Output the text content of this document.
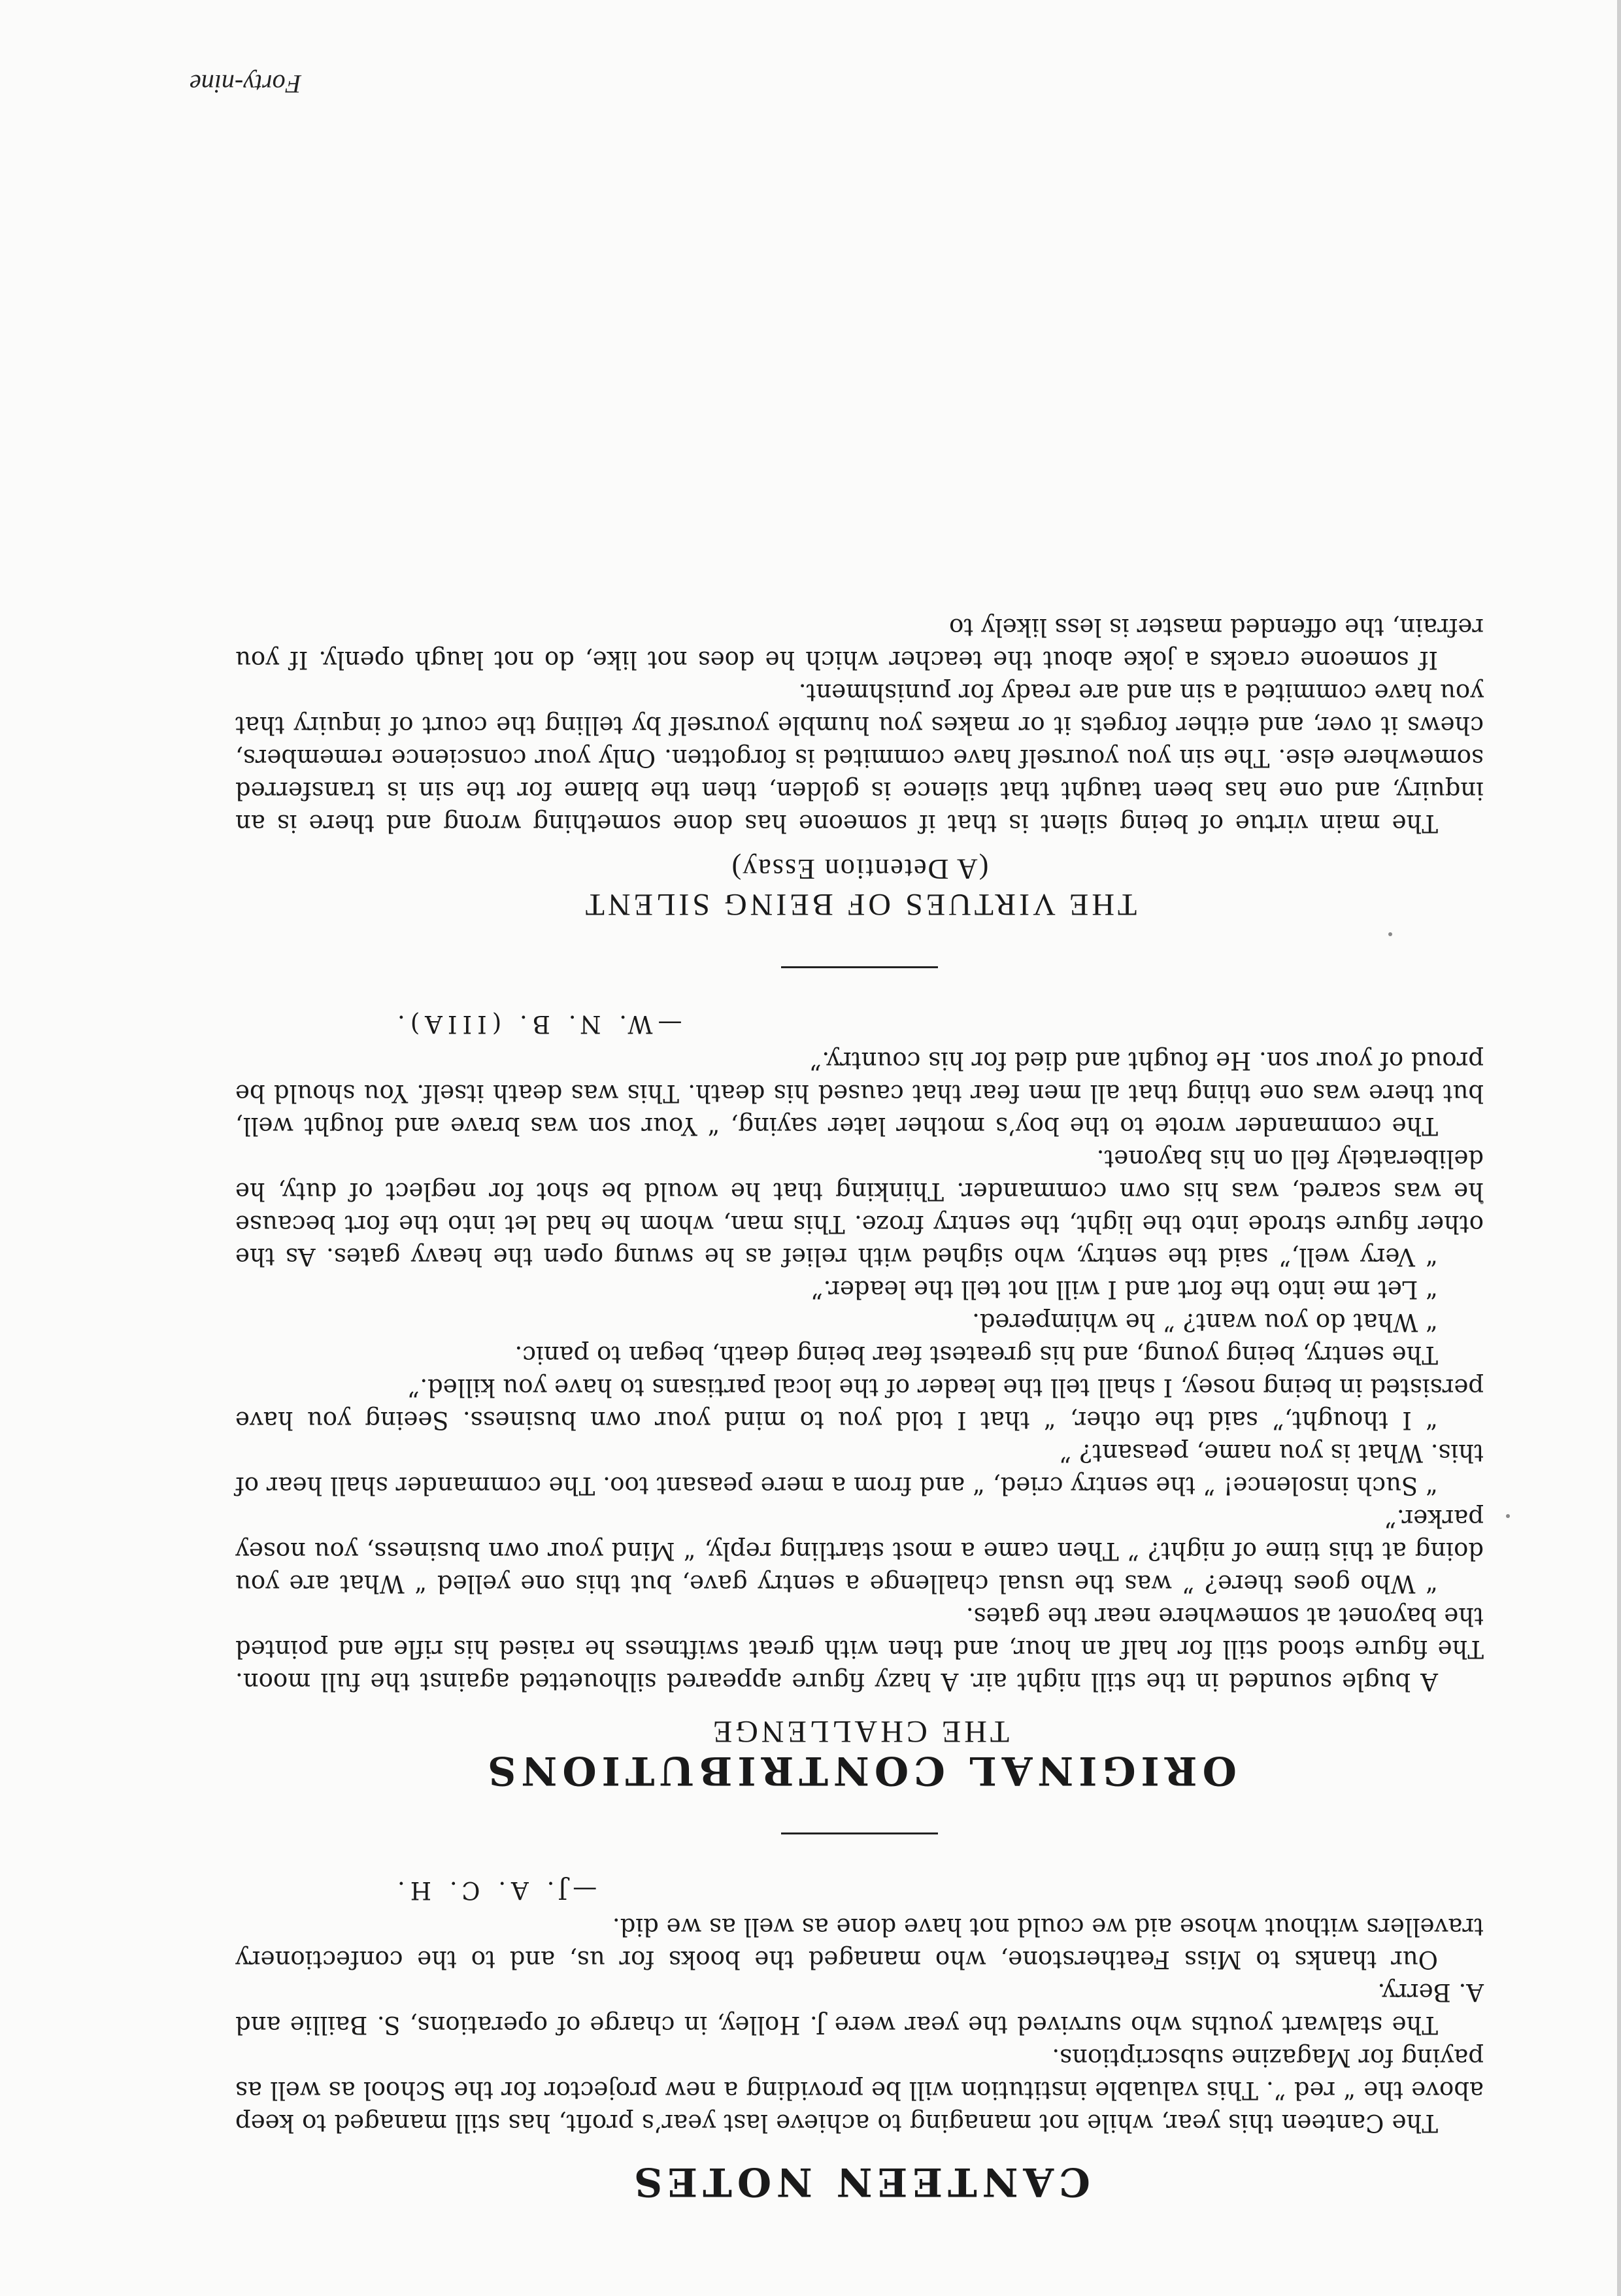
CANTEEN NOTES

The Canteen this year, while not managing to achieve last year’s profit, has still managed to keep above the “ red ”. This valuable institution will be providing a new projector for the School as well as paying for Magazine subscriptions.

The stalwart youths who survived the year were J. Holley, in charge of operations, S. Baillie and A. Berry.

Our thanks to Miss Featherstone, who managed the books for us, and to the confectionery travellers without whose aid we could not have done as well as we did.

—J. A. C. H.
ORIGINAL CONTRIBUTIONS
THE CHALLENGE

A bugle sounded in the still night air. A hazy figure appeared silhouetted against the full moon. The figure stood still for half an hour, and then with great swiftness he raised his rifle and pointed the bayonet at somewhere near the gates.

“ Who goes there? ” was the usual challenge a sentry gave, but this one yelled “ What are you doing at this time of night? ” Then came a most startling reply, “ Mind your own business, you nosey parker.”

“ Such insolence! ” the sentry cried, “ and from a mere peasant too. The commander shall hear of this. What is you name, peasant? ”

“ I thought,” said the other, “ that I told you to mind your own business. Seeing you have persisted in being nosey, I shall tell the leader of the local partisans to have you killed.”

The sentry, being young, and his greatest fear being death, began to panic.

“ What do you want? ” he whimpered.

“ Let me into the fort and I will not tell the leader.”

“ Very well,” said the sentry, who sighed with relief as he swung open the heavy gates. As the other figure strode into the light, the sentry froze. This man, whom he had let into the fort because he was scared, was his own commander. Thinking that he would be shot for neglect of duty, he deliberately fell on his bayonet.

The commander wrote to the boy’s mother later saying, “ Your son was brave and fought well, but there was one thing that all men fear that caused his death. This was death itself. You should be proud of your son. He fought and died for his country.”

—W. N. B. (IIIA).
THE VIRTUES OF BEING SILENT
(A Detention Essay)

The main virtue of being silent is that if someone has done something wrong and there is an inquiry, and one has been taught that silence is golden, then the blame for the sin is transferred somewhere else. The sin you yourself have commited is forgotten. Only your conscience remembers, chews it over, and either forgets it or makes you humble yourself by telling the court of inquiry that you have commited a sin and are ready for punishment.

If someone cracks a joke about the teacher which he does not like, do not laugh openly. If you refrain, the offended master is less likely to

Forty-nine
